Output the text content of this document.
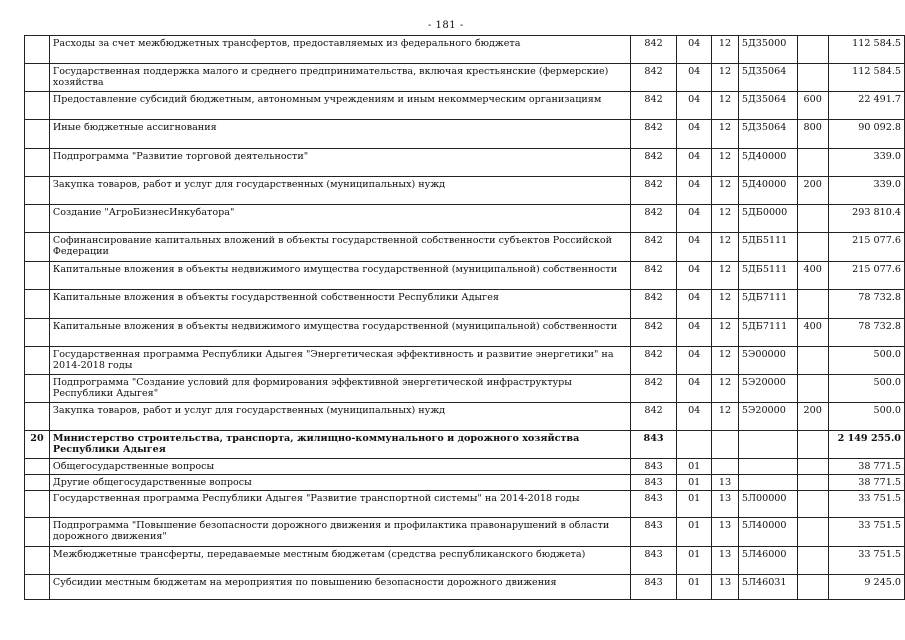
- 181 -
	Расходы за счет межбюджетных трансфертов, предоставляемых из федерального бюджета	842	04	12	5Д35000		112 584.5
	Государственная поддержка малого и среднего предпринимательства, включая крестьянские (фермерские) хозяйства	842	04	12	5Д35064		112 584.5
	Предоставление субсидий бюджетным, автономным учреждениям и иным некоммерческим организациям	842	04	12	5Д35064	600	22 491.7
	Иные бюджетные ассигнования	842	04	12	5Д35064	800	90 092.8
	Подпрограмма "Развитие торговой деятельности"	842	04	12	5Д40000		339.0
	Закупка товаров, работ и услуг для государственных (муниципальных) нужд	842	04	12	5Д40000	200	339.0
	Создание "АгроБизнесИнкубатора"	842	04	12	5ДБ0000		293 810.4
	Софинансирование капитальных вложений в объекты государственной собственности субъектов Российской Федерации	842	04	12	5ДБ5111		215 077.6
	Капитальные вложения в объекты недвижимого имущества государственной (муниципальной) собственности	842	04	12	5ДБ5111	400	215 077.6
	Капитальные вложения в объекты государственной собственности Республики Адыгея	842	04	12	5ДБ7111		78 732.8
	Капитальные вложения в объекты недвижимого имущества государственной (муниципальной) собственности	842	04	12	5ДБ7111	400	78 732.8
	Государственная программа Республики Адыгея "Энергетическая эффективность и развитие энергетики" на 2014-2018 годы	842	04	12	5Э00000		500.0
	Подпрограмма "Создание условий для формирования эффективной энергетической инфраструктуры Республики Адыгея"	842	04	12	5Э20000		500.0
	Закупка товаров, работ и услуг для государственных (муниципальных) нужд	842	04	12	5Э20000	200	500.0
20	Министерство строительства, транспорта, жилищно-коммунального и дорожного хозяйства Республики Адыгея	843					2 149 255.0
	Общегосударственные вопросы	843	01				38 771.5
	Другие общегосударственные вопросы	843	01	13			38 771.5
	Государственная программа Республики Адыгея "Развитие транспортной системы" на 2014-2018 годы	843	01	13	5Л00000		33 751.5
	Подпрограмма "Повышение безопасности дорожного движения и профилактика правонарушений в области дорожного движения"	843	01	13	5Л40000		33 751.5
	Межбюджетные трансферты, передаваемые местным бюджетам (средства республиканского бюджета)	843	01	13	5Л46000		33 751.5
	Субсидии местным бюджетам на мероприятия по повышению безопасности дорожного движения	843	01	13	5Л46031		9 245.0
